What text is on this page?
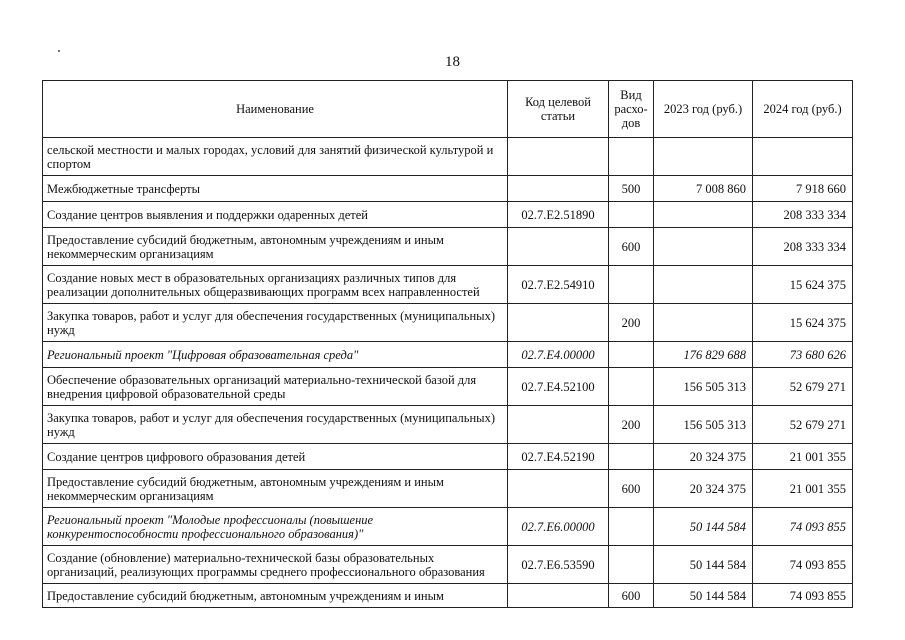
18
Наименование	Код целевой статьи	Вид расхо-дов	2023 год (руб.)	2024 год (руб.)
сельской местности и малых городах, условий для занятий физической культурой и спортом				
Межбюджетные трансферты		500	7 008 860	7 918 660
Создание центров выявления и поддержки одаренных детей	02.7.E2.51890			208 333 334
Предоставление субсидий бюджетным, автономным учреждениям и иным некоммерческим организациям		600		208 333 334
Создание новых мест в образовательных организациях различных типов для реализации дополнительных общеразвивающих программ всех направленностей	02.7.E2.54910			15 624 375
Закупка товаров, работ и услуг для обеспечения государственных (муниципальных) нужд		200		15 624 375
Региональный проект "Цифровая образовательная среда"	02.7.E4.00000		176 829 688	73 680 626
Обеспечение образовательных организаций материально-технической базой для внедрения цифровой образовательной среды	02.7.E4.52100		156 505 313	52 679 271
Закупка товаров, работ и услуг для обеспечения государственных (муниципальных) нужд		200	156 505 313	52 679 271
Создание центров цифрового образования детей	02.7.E4.52190		20 324 375	21 001 355
Предоставление субсидий бюджетным, автономным учреждениям и иным некоммерческим организациям		600	20 324 375	21 001 355
Региональный проект "Молодые профессионалы (повышение конкурентоспособности профессионального образования)"	02.7.E6.00000		50 144 584	74 093 855
Создание (обновление) материально-технической базы образовательных организаций, реализующих программы среднего профессионального образования	02.7.E6.53590		50 144 584	74 093 855
Предоставление субсидий бюджетным, автономным учреждениям и иным		600	50 144 584	74 093 855
